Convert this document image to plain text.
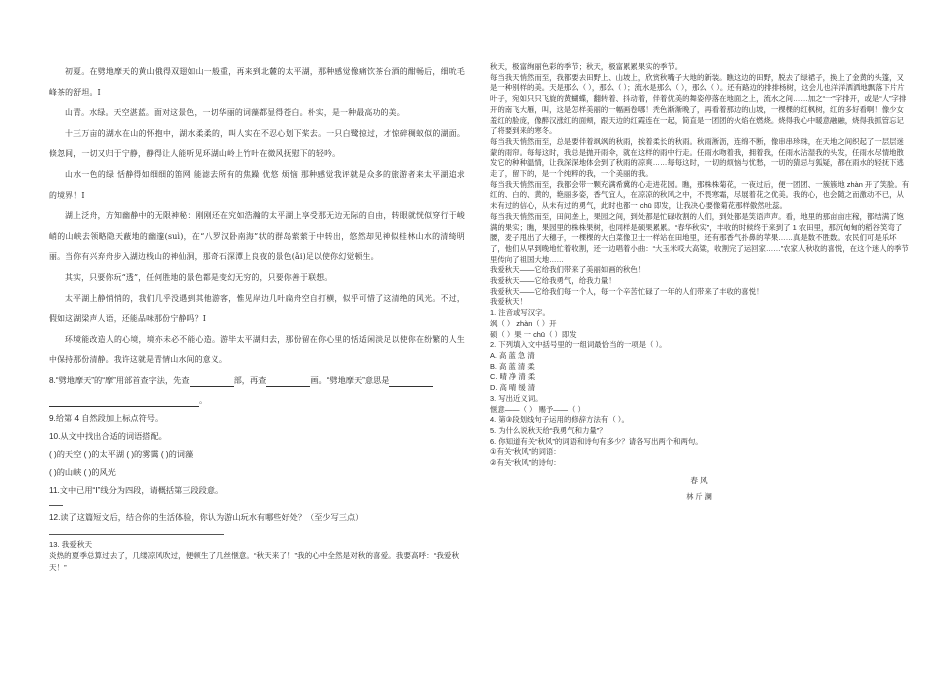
初夏。在劈地摩天的黄山俄得双翅如山一般重，再来到北麓的太平湖，那种感觉像痛饮茶台酒的酣畅后，细吮毛峰茶的舒坦。Ⅰ

山青。水绿。天空湛蓝。面对这景色，一切华丽的词藻都显得苍白。朴实，是一种最高功的美。

十三万亩的湖水在山的怀抱中，湖水柔柔的，叫人实在不忍心划下桨去。一只白鹭掠过，才惊碎稠蚁似的湖面。倏忽间，一切又归于宁静，静得让人能听见环湖山岭上竹叶在微风抚慰下的轻吟。

山水一色的绿 恬静得如细细的笛网 能滤去所有的焦躁 优悠 烦恼 那种感觉我评就是众多的旅游者来太平湖追求的境界！Ⅰ

湖上泛舟，方知幽静中的无限神秘：刚刚还在究如浩瀚的太平湖上享受那无边无际的自由，转眼就恍似穿行于峻峭的山峡去领略隐天蔽地的幽邃(suì)，在“八罗汉卧南海”状的群岛萦萦于中转出，悠然却见神似桂林山水的清绮明丽。当你有兴弃舟步入湖边栈山的神仙洞，那奇石深潭上良夜的景色(ǎi)足以使你幻觉顿生。

其实，只要你玩“透”，任何胜地的景色都是变幻无穷的，只要你善于联想。

太平湖上静悄悄的，我们几乎没遇到其他游客，惟见岸边几叶扁舟空自打横，似乎可惜了这清绝的风光。不过，假如这湖梁声人语，还能品味那份宁静吗？Ⅰ

环境能改造人的心境，境亦未必不能心造。游毕太平湖归去，那份留在你心里的恬适闲淡足以使你在纷繁的人生中保持那份清静。我许这就是青情山水间的意义。

8.“劈地摩天”的“摩”用部首查字法，先查	部，再查	画。“劈地摩天”意思是

。

9.给第 4 自然段加上标点符号。

10.从文中找出合适的词语搭配。

( )的天空 ( )的太平湖 ( )的雾霭 ( )的词藻

( )的山峡 ( )的风光

11.文中已用“Ⅰ”线分为四段，请概括第三段段意。

12.读了这篇短文后，结合你的生活体验，你认为游山玩水有哪些好处？（至少写三点）

13. 我爱秋天

炎热的夏季总算过去了，几缕凉风吹过，便顿生了几丝惬意。“秋天来了！”我的心中全然是对秋的喜爱。我要高呼：“我爱秋天！”

秋天，极富绚丽色彩的季节；秋天，极富累累果实的季节。

每当我天悄然而至，我都要去田野上、山坡上，欣赏秋嘴子大地的新装。瞧这边的田野，脱去了绿裙子，换上了金黄的头篷，又是一种别样的美。天是那么（ ），那么（ ）；流水是那么（ ），那么（ ）。还有路边的排排杨树，这会儿也洋洋洒洒地飘落下片片叶子，宛如只只飞旋的黄蝴蝶，翻转着、抖动着，伴着优美的舞姿停落在地面之上，流水之间……加之“一”字排开，或是“人”字排开的南飞大雁，叫，这是怎样美丽的一幅画卷哪！秃色渐渐晚了，再看着那边的山坡，一棵棵的红枫树，红的多好看啊！像少女羞红的脸庞，像醉汉涨红的面颊，跟天边的红霞连在一起，简直是一团团的火焰在燃烧。烧得我心中暖意融融，烧得我抓管忘记了将要到来的寒冬。

每当我天悄然而至，总是要伴着飒飒的秋雨，挨着柔长的秋雨。秋雨淅沥，连绵不断，像串串珍珠，在天地之间织起了一层层迷蒙的雨帘。每每这时，我总是抛开雨伞，就在这样的雨中行走。任雨水吻着我，拥着我，任雨水沾湿我的头发，任雨水尽情地散发它的种种温情，让我深深地体会到了秋雨的凉爽……每每这时，一切的烦恼与忧愁，一切的猜忌与狐疑，都在雨水的轻抚下逃走了，留下的，是一个纯粹的我，一个美丽的我。

每当我天悄然而至，我都会带一颗充满希冀的心走进花园。瞧，那株株菊花，一夜过后，便一团团、一簇簇地 zhàn 开了笑脸。有红的、白的、黄的，艳丽多姿，香气宜人，在凉凉的秋风之中，不畏寒霜，尽展着花之优美。我的心，也会随之而激动不已，从未有过的信心，从未有过的勇气，此时也都一 chū 即发，让我决心要像菊花那样傲然吐蕊。

每当我天悄然而至，田间垄上，果园之间，到处都是忙碌收割的人们，到处都是笑语声声。看，地里的那亩亩庄稼，都结满了饱满的果实；瞧，果园里的株株果树，也同样是硕果累累。“春华秋实”，丰收的时候终于来到了 1 农田里，那沉甸甸的稻谷笑弯了腰，麦子甩出了大穗子，一棵棵的大白菜像卫士一样站在田地里，还有那香气扑鼻的苹果……真是数不胜数。农民们可是乐坏了，他们从早到晚地忙着收割，还一边唱着小曲：“大玉米哎大高粱，收割完了运回家……”农家人秋收的喜悦，在这个迷人的季节里传向了祖国大地……

我爱秋天——它给我们带来了美丽如画的秋色！

我爱秋天——它给我勇气，给我力量！

我爱秋天——它给我们每一个人，每一个辛苦忙碌了一年的人们带来了丰收的喜悦！

我爱秋天！

1. 注音或写汉字。

飒（ ） zhàn（ ）开

硕（ ）果 一 chū（ ）即发

2. 下列填入文中括号里的一组词最恰当的一项是（ ）。

A. 高 蓝 急 清

B. 高 蓝 清 柔

C. 晴 净 清 柔

D. 高 晴 缓 清

3. 写出近义词。

惬意——（ ） 赐予——（ ）

4. 第③段划线句子运用的修辞方法有（ ）。

5. 为什么说秋天给“我勇气和力量”？

6. 你知道有关“秋风”的词语和诗句有多少？请各写出两个和两句。

①有关“秋风”的词语：

②有关“秋风”的诗句：

春风

林斤澜
